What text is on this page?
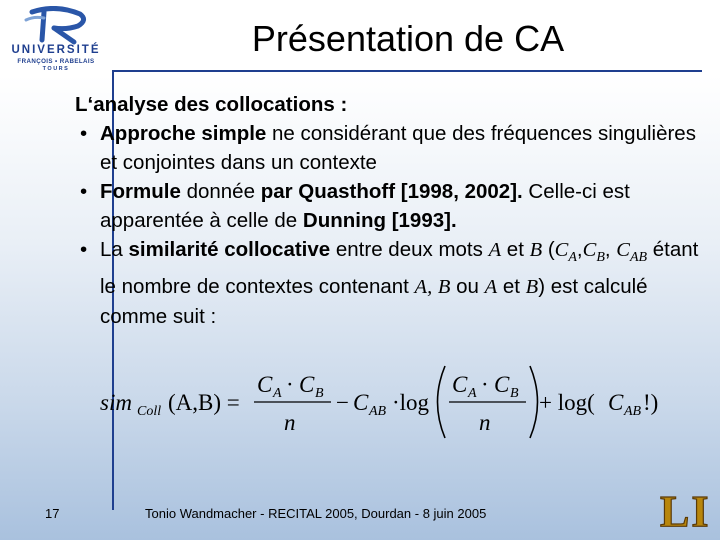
UNIVERSITÉ
FRANÇOIS • RABELAIS
TOURS
Présentation de CA

L‘analyse des collocations :

• Approche simple ne considérant que des fréquences singulières et conjointes dans un contexte
• Formule donnée par Quasthoff [1998, 2002]. Celle-ci est apparentée à celle de Dunning [1993].
• La similarité collocative entre deux mots A et B ($C_A,C_B$, $C_{AB}$ étant le nombre de contextes contenant A, B ou A et B) est calculé comme suit :
sim Coll (A,B) =
C A · C B
n
− C AB ·log
C A · C B
n
+ log( C AB !)
17	Tonio Wandmacher - RECITAL 2005, Dourdan - 8 juin 2005	LI
